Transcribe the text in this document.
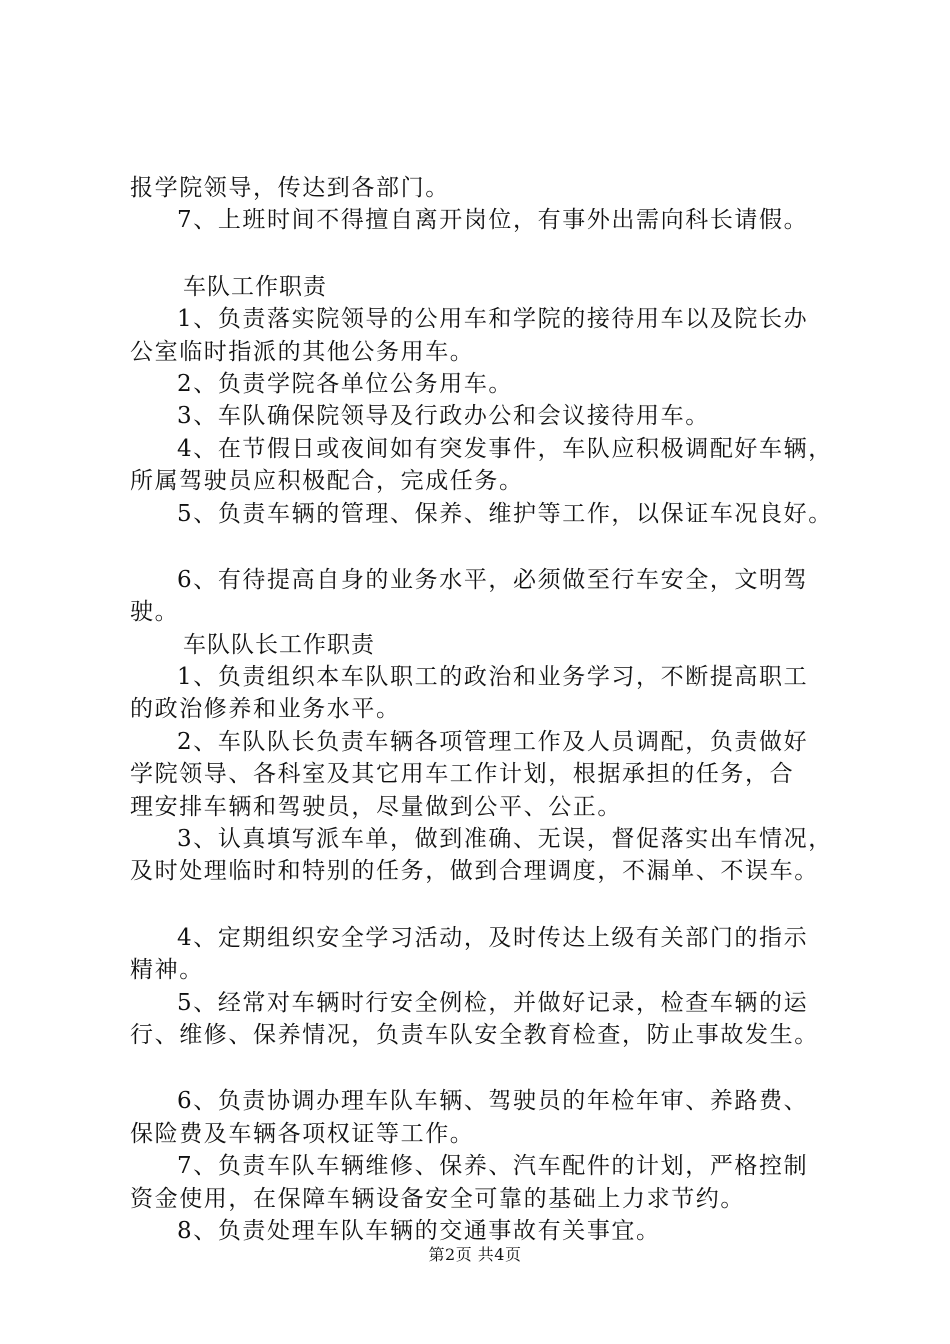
报学院领导，传达到各部门。
7、上班时间不得擅自离开岗位，有事外出需向科长请假。
车队工作职责
1、负责落实院领导的公用车和学院的接待用车以及院长办
公室临时指派的其他公务用车。
2、负责学院各单位公务用车。
3、车队确保院领导及行政办公和会议接待用车。
4、在节假日或夜间如有突发事件，车队应积极调配好车辆，
所属驾驶员应积极配合，完成任务。
5、负责车辆的管理、保养、维护等工作，以保证车况良好。
6、有待提高自身的业务水平，必须做至行车安全，文明驾
驶。
车队队长工作职责
1、负责组织本车队职工的政治和业务学习，不断提高职工
的政治修养和业务水平。
2、车队队长负责车辆各项管理工作及人员调配，负责做好
学院领导、各科室及其它用车工作计划，根据承担的任务，合
理安排车辆和驾驶员，尽量做到公平、公正。
3、认真填写派车单，做到准确、无误，督促落实出车情况，
及时处理临时和特别的任务，做到合理调度，不漏单、不误车。
4、定期组织安全学习活动，及时传达上级有关部门的指示
精神。
5、经常对车辆时行安全例检，并做好记录，检查车辆的运
行、维修、保养情况，负责车队安全教育检查，防止事故发生。
6、负责协调办理车队车辆、驾驶员的年检年审、养路费、
保险费及车辆各项权证等工作。
7、负责车队车辆维修、保养、汽车配件的计划，严格控制
资金使用，在保障车辆设备安全可靠的基础上力求节约。
8、负责处理车队车辆的交通事故有关事宜。
第2页 共4页
